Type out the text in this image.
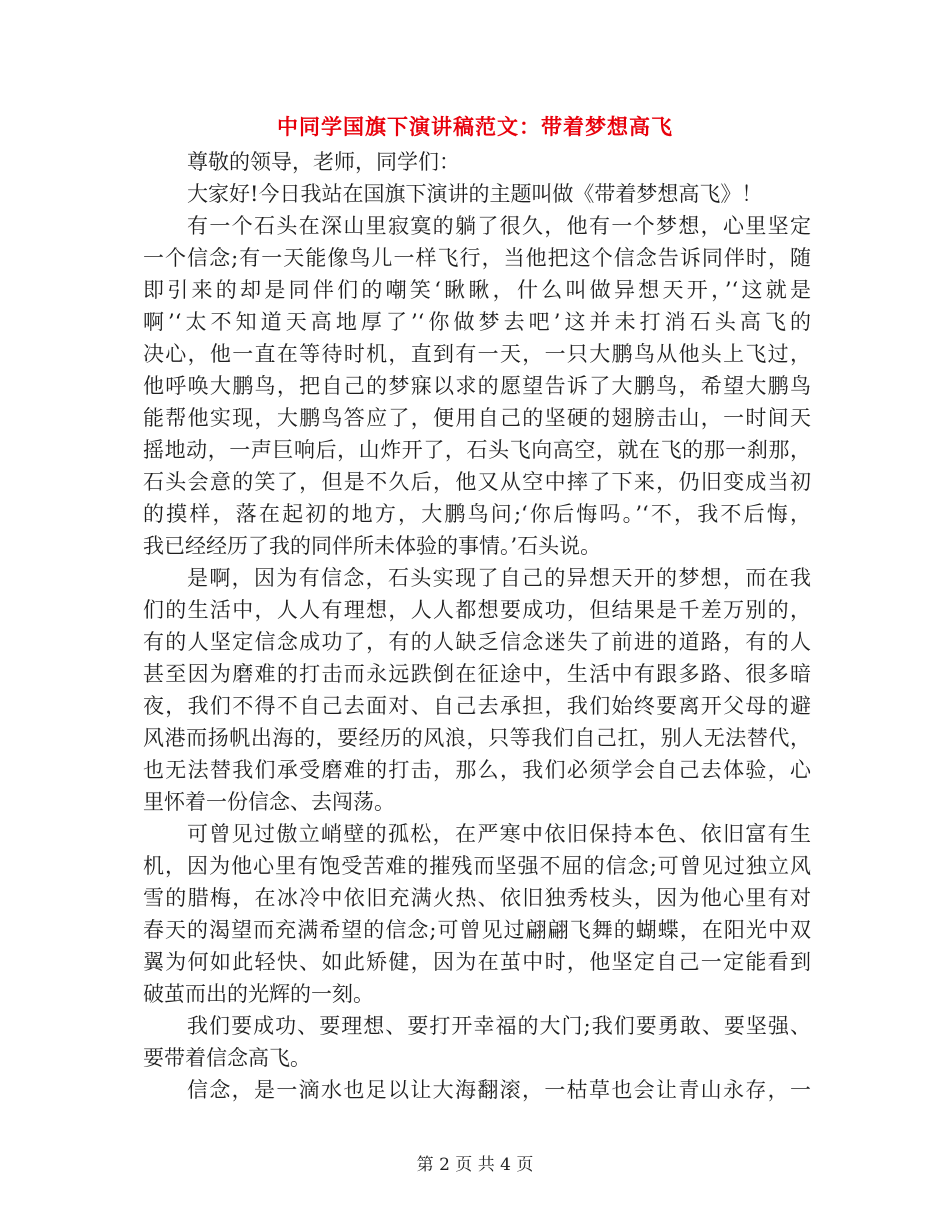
中同学国旗下演讲稿范文：带着梦想高飞
尊敬的领导，老师，同学们：
大家好!今日我站在国旗下演讲的主题叫做《带着梦想高飞》！
有一个石头在深山里寂寞的躺了很久，他有一个梦想，心里坚定
一个信念;有一天能像鸟儿一样飞行，当他把这个信念告诉同伴时，随
即引来的却是同伴们的嘲笑‘瞅瞅，什么叫做异想天开，’‘这就是
啊’‘太不知道天高地厚了’‘你做梦去吧’这并未打消石头高飞的
决心，他一直在等待时机，直到有一天，一只大鹏鸟从他头上飞过，
他呼唤大鹏鸟，把自己的梦寐以求的愿望告诉了大鹏鸟，希望大鹏鸟
能帮他实现，大鹏鸟答应了，便用自己的坚硬的翅膀击山，一时间天
摇地动，一声巨响后，山炸开了，石头飞向高空，就在飞的那一刹那，
石头会意的笑了，但是不久后，他又从空中摔了下来，仍旧变成当初
的摸样，落在起初的地方，大鹏鸟问;‘你后悔吗。’‘不，我不后悔，
我已经经历了我的同伴所未体验的事情。’石头说。
是啊，因为有信念，石头实现了自己的异想天开的梦想，而在我
们的生活中，人人有理想，人人都想要成功，但结果是千差万别的，
有的人坚定信念成功了，有的人缺乏信念迷失了前进的道路，有的人
甚至因为磨难的打击而永远跌倒在征途中，生活中有跟多路、很多暗
夜，我们不得不自己去面对、自己去承担，我们始终要离开父母的避
风港而扬帆出海的，要经历的风浪，只等我们自己扛，别人无法替代，
也无法替我们承受磨难的打击，那么，我们必须学会自己去体验，心
里怀着一份信念、去闯荡。
可曾见过傲立峭壁的孤松，在严寒中依旧保持本色、依旧富有生
机，因为他心里有饱受苦难的摧残而坚强不屈的信念;可曾见过独立风
雪的腊梅，在冰冷中依旧充满火热、依旧独秀枝头，因为他心里有对
春天的渴望而充满希望的信念;可曾见过翩翩飞舞的蝴蝶，在阳光中双
翼为何如此轻快、如此矫健，因为在茧中时，他坚定自己一定能看到
破茧而出的光辉的一刻。
我们要成功、要理想、要打开幸福的大门;我们要勇敢、要坚强、
要带着信念高飞。
信念，是一滴水也足以让大海翻滚，一枯草也会让青山永存，一
第 2 页 共 4 页
